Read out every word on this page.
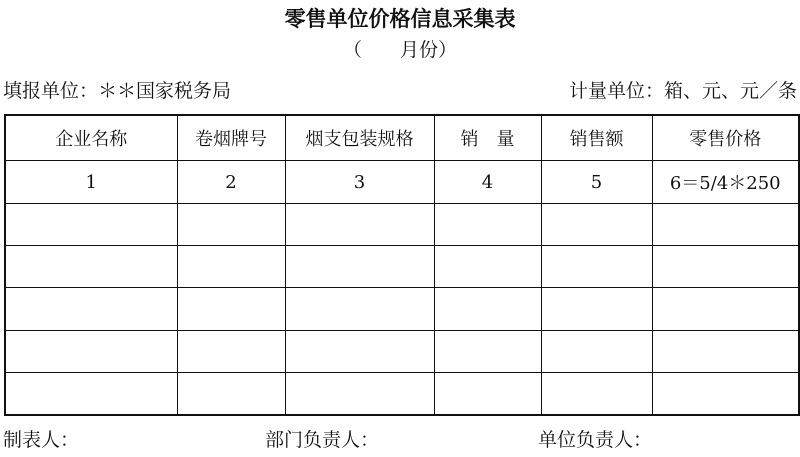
零售单位价格信息采集表
（　　月份）
填报单位：＊＊国家税务局	计量单位：箱、元、元／条
企业名称	卷烟牌号	烟支包装规格	销　量	销售额	零售价格
1	2	3	4	5	6＝5/4＊250

制表人：	部门负责人：	单位负责人：
